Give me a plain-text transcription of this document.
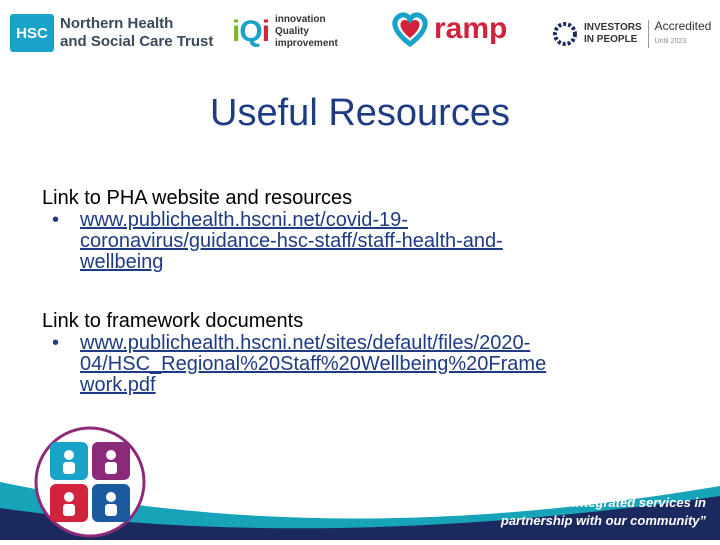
HSC
Northern Health
and Social Care Trust iQi innovation
Quality
improvement	ramp	INVESTORS
IN PEOPLE
Accredited
Until 2023
Useful Resources
Link to PHA website and resources
• www.publichealth.hscni.net/covid-19-
coronavirus/guidance-hsc-staff/staff-health-and-
wellbeing
Link to framework documents
• www.publichealth.hscni.net/sites/default/files/2020-
04/HSC_Regional%20Staff%20Wellbeing%20Frame
work.pdf
“To deliver excellent integrated services in
partnership with our community”
